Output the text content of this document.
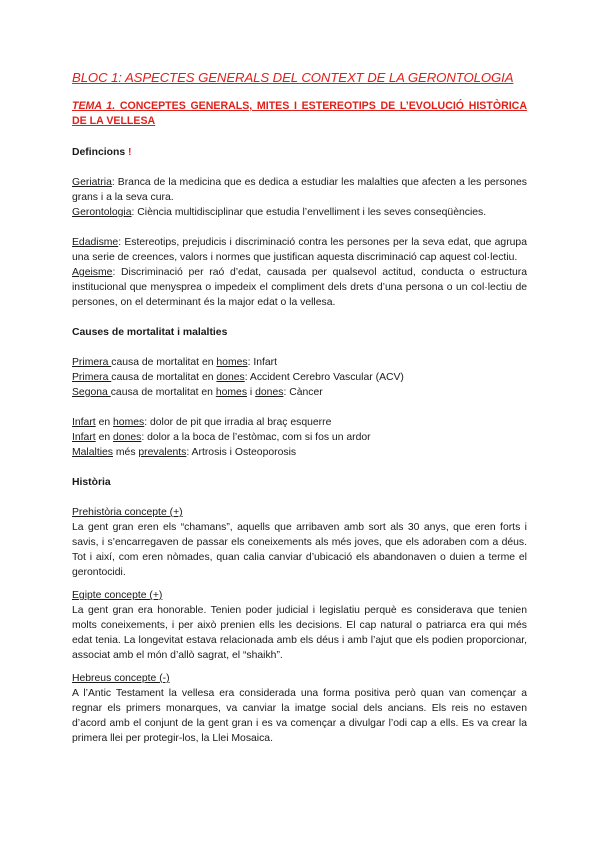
BLOC 1: ASPECTES GENERALS DEL CONTEXT DE LA GERONTOLOGIA
TEMA 1. CONCEPTES GENERALS, MITES I ESTEREOTIPS DE L’EVOLUCIÓ HISTÒRICA DE LA VELLESA
Defincions !

Geriatria: Branca de la medicina que es dedica a estudiar les malalties que afecten a les persones grans i a la seva cura.

Gerontologia: Ciència multidisciplinar que estudia l’envelliment i les seves conseqüències.

Edadisme: Estereotips, prejudicis i discriminació contra les persones per la seva edat, que agrupa una serie de creences, valors i normes que justifican aquesta discriminació cap aquest col·lectiu.

Ageisme: Discriminació per raó d’edat, causada per qualsevol actitud, conducta o estructura institucional que menysprea o impedeix el compliment dels drets d’una persona o un col·lectiu de persones, on el determinant és la major edat o la vellesa.

Causes de mortalitat i malalties

Primera causa de mortalitat en homes: Infart

Primera causa de mortalitat en dones: Accident Cerebro Vascular (ACV)

Segona causa de mortalitat en homes i dones: Càncer

Infart en homes: dolor de pit que irradia al braç esquerre

Infart en dones: dolor a la boca de l’estòmac, com si fos un ardor

Malalties més prevalents: Artrosis i Osteoporosis

Història
Prehistòria concepte (+)

La gent gran eren els “chamans”, aquells que arribaven amb sort als 30 anys, que eren forts i savis, i s’encarregaven de passar els coneixements als més joves, que els adoraben com a déus. Tot i així, com eren nòmades, quan calia canviar d’ubicació els abandonaven o duien a terme el gerontocidi.

Egipte concepte (+)

La gent gran era honorable. Tenien poder judicial i legislatiu perquè es considerava que tenien molts coneixements, i per això prenien ells les decisions. El cap natural o patriarca era qui més edat tenia. La longevitat estava relacionada amb els déus i amb l’ajut que els podien proporcionar, associat amb el món d’allò sagrat, el “shaikh”.

Hebreus concepte (-)

A l’Antic Testament la vellesa era considerada una forma positiva però quan van començar a regnar els primers monarques, va canviar la imatge social dels ancians. Els reis no estaven d’acord amb el conjunt de la gent gran i es va començar a divulgar l’odi cap a ells. Es va crear la primera llei per protegir-los, la Llei Mosaica.
